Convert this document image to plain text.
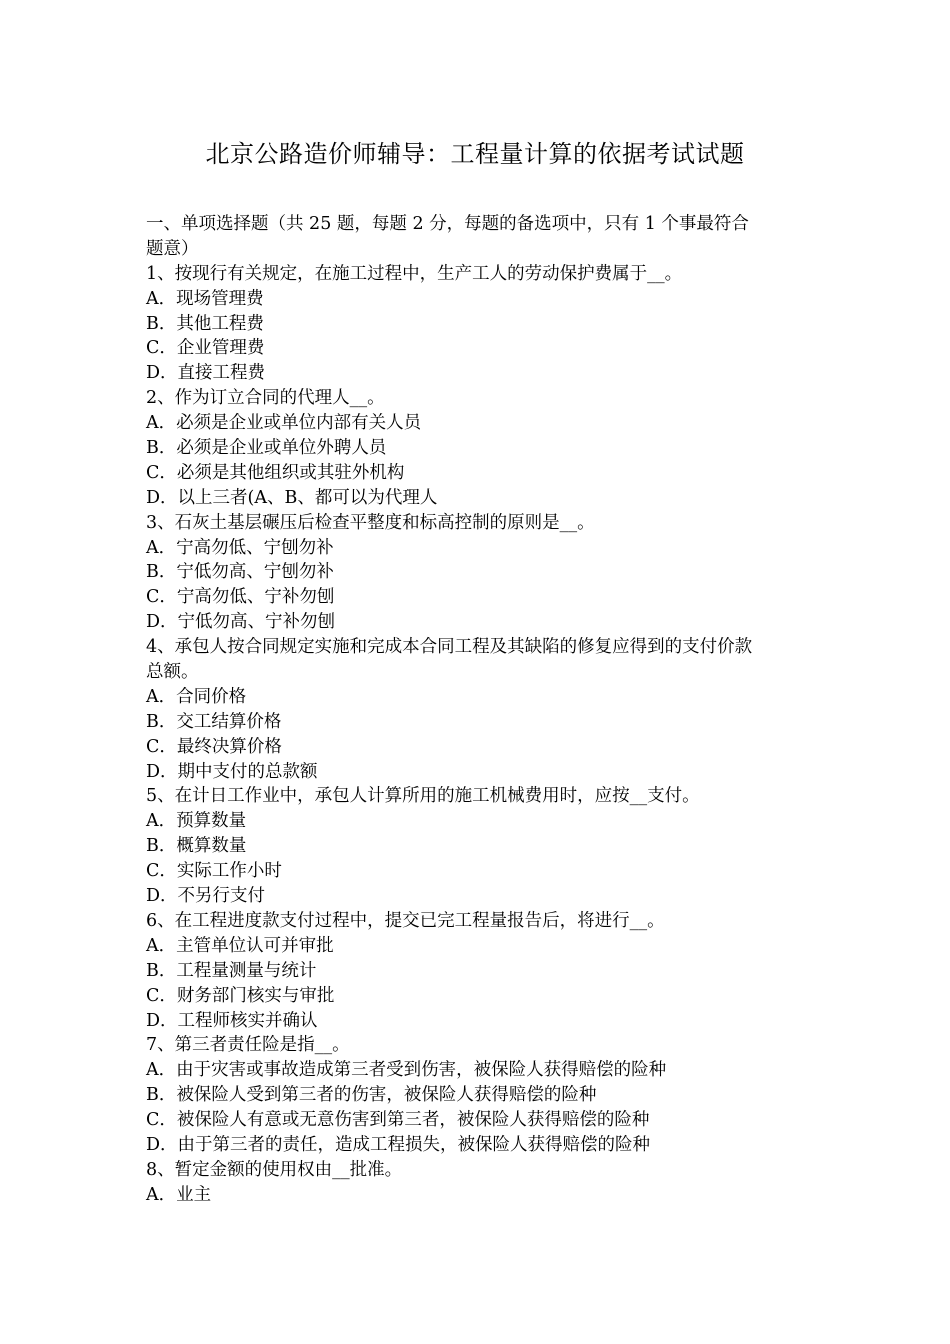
北京公路造价师辅导：工程量计算的依据考试试题
一、单项选择题（共 25 题，每题 2 分，每题的备选项中，只有 1 个事最符合
题意）
1、按现行有关规定，在施工过程中，生产工人的劳动保护费属于__。
A．现场管理费
B．其他工程费
C．企业管理费
D．直接工程费
2、作为订立合同的代理人__。
A．必须是企业或单位内部有关人员
B．必须是企业或单位外聘人员
C．必须是其他组织或其驻外机构
D．以上三者(A、B、都可以为代理人
3、石灰土基层碾压后检查平整度和标高控制的原则是__。
A．宁高勿低、宁刨勿补
B．宁低勿高、宁刨勿补
C．宁高勿低、宁补勿刨
D．宁低勿高、宁补勿刨
4、承包人按合同规定实施和完成本合同工程及其缺陷的修复应得到的支付价款
总额。
A．合同价格
B．交工结算价格
C．最终决算价格
D．期中支付的总款额
5、在计日工作业中，承包人计算所用的施工机械费用时，应按__支付。
A．预算数量
B．概算数量
C．实际工作小时
D．不另行支付
6、在工程进度款支付过程中，提交已完工程量报告后，将进行__。
A．主管单位认可并审批
B．工程量测量与统计
C．财务部门核实与审批
D．工程师核实并确认
7、第三者责任险是指__。
A．由于灾害或事故造成第三者受到伤害，被保险人获得赔偿的险种
B．被保险人受到第三者的伤害，被保险人获得赔偿的险种
C．被保险人有意或无意伤害到第三者，被保险人获得赔偿的险种
D．由于第三者的责任，造成工程损失，被保险人获得赔偿的险种
8、暂定金额的使用权由__批准。
A．业主
